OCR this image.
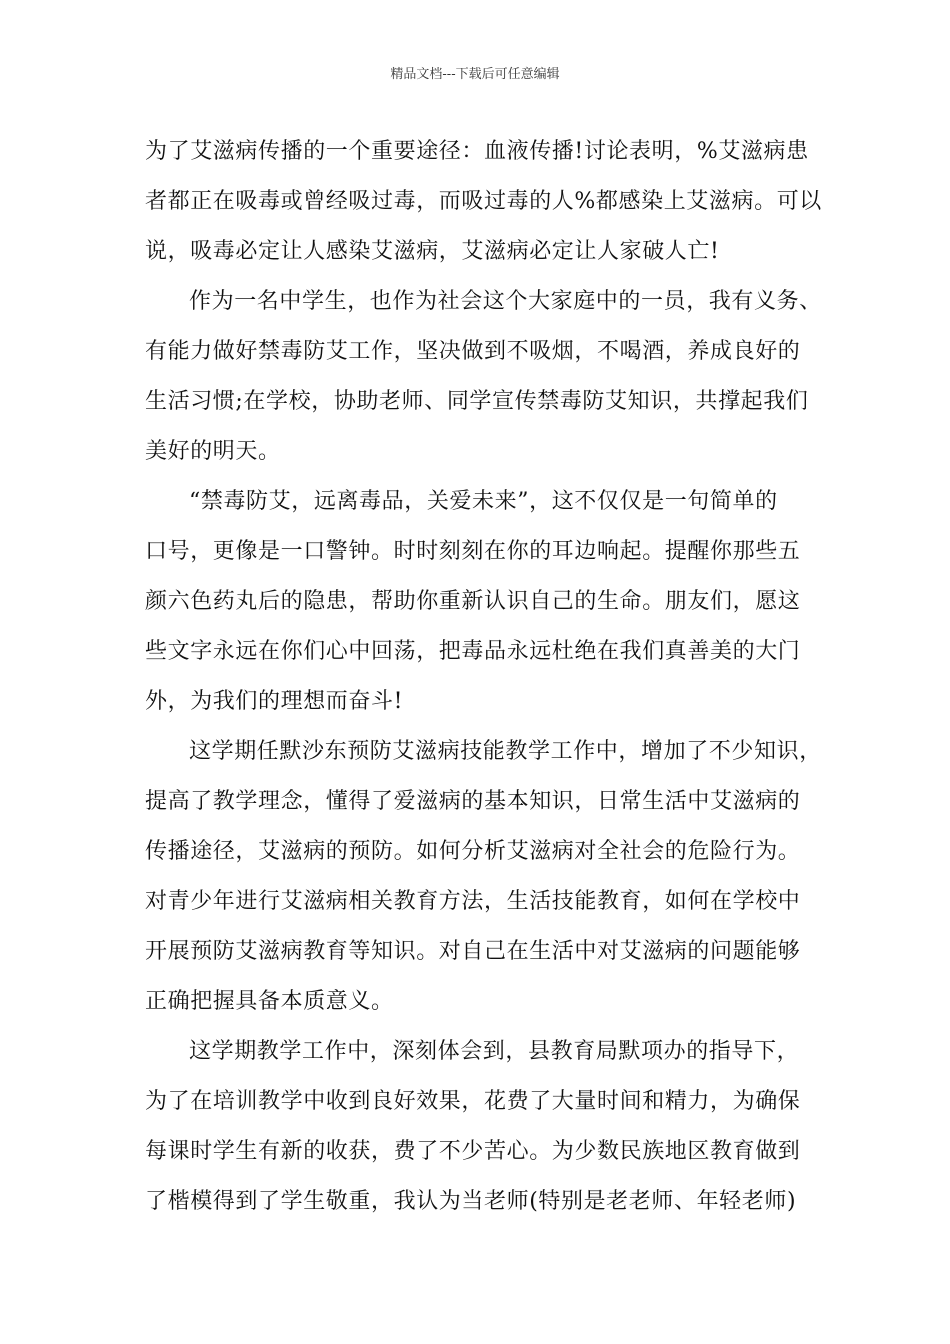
精品文档---下载后可任意编辑
为了艾滋病传播的一个重要途径：血液传播!讨论表明，%艾滋病患
者都正在吸毒或曾经吸过毒，而吸过毒的人%都感染上艾滋病。可以
说，吸毒必定让人感染艾滋病，艾滋病必定让人家破人亡!
作为一名中学生，也作为社会这个大家庭中的一员，我有义务、
有能力做好禁毒防艾工作，坚决做到不吸烟，不喝酒，养成良好的
生活习惯;在学校，协助老师、同学宣传禁毒防艾知识，共撑起我们
美好的明天。
“禁毒防艾，远离毒品，关爱未来”，这不仅仅是一句简单的
口号，更像是一口警钟。时时刻刻在你的耳边响起。提醒你那些五
颜六色药丸后的隐患，帮助你重新认识自己的生命。朋友们，愿这
些文字永远在你们心中回荡，把毒品永远杜绝在我们真善美的大门
外，为我们的理想而奋斗!
这学期任默沙东预防艾滋病技能教学工作中，增加了不少知识，
提高了教学理念，懂得了爱滋病的基本知识，日常生活中艾滋病的
传播途径，艾滋病的预防。如何分析艾滋病对全社会的危险行为。
对青少年进行艾滋病相关教育方法，生活技能教育，如何在学校中
开展预防艾滋病教育等知识。对自己在生活中对艾滋病的问题能够
正确把握具备本质意义。
这学期教学工作中，深刻体会到，县教育局默项办的指导下，
为了在培训教学中收到良好效果，花费了大量时间和精力，为确保
每课时学生有新的收获，费了不少苦心。为少数民族地区教育做到
了楷模得到了学生敬重，我认为当老师(特别是老老师、年轻老师)
